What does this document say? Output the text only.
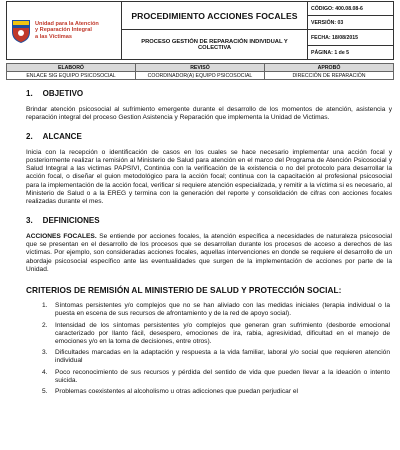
Unidad para la Atención
y Reparación Integral
a las Víctimas	PROCEDIMIENTO ACCIONES FOCALES	CÓDIGO: 400.08.08-6
		VERSIÓN: 03
	PROCESO GESTIÓN DE REPARACIÓN INDIVIDUAL Y COLECTIVA	FECHA: 18/08/2015
		PÁGINA: 1 de 5
ELABORÓ	REVISÓ	APROBÓ
ENLACE SIG EQUIPO PSICOSOCIAL	COORDINADOR(A) EQUIPO PSICOSOCIAL	DIRECCIÓN DE REPARACIÓN
1. OBJETIVO

Brindar atención psicosocial al sufrimiento emergente durante el desarrollo de los momentos de atención, asistencia y reparación integral del proceso Gestion Asistencia y Reparación que implementa la Unidad de Victimas.

2. ALCANCE

Inicia con la recepción o identificación de casos en los cuales se hace necesario implementar una acción focal y posteriormente realizar la remisión al Ministerio de Salud para atención en el marco del Programa de Atención Psicosocial y Salud Integral a las victimas PAPSIVI, Continúa con la verificación de la existencia o no del protocolo para desarrollar la acción focal, o diseñar el guion metodológico para la acción focal; continua con la capacitación al profesional psicosocial para la implementación de la acción focal, verificar si requiere atención especializada, y remitir a la víctima si es necesario, al Ministerio de Salud o a la EREG y termina con la generación del reporte y consolidación de cifras con acciones focales realizadas durante el mes.

3. DEFINICIONES

ACCIONES FOCALES. Se entiende por acciones focales, la atención específica a necesidades de naturaleza psicosocial que se presentan en el desarrollo de los procesos que se desarrollan durante los procesos de acceso a derechos de las víctimas. Por ejemplo, son consideradas acciones focales, aquellas intervenciones en donde se requiere el desarrollo de un abordaje psicosocial específico ante las eventualidades que surgen de la implementación de acciones por parte de la Unidad.

CRITERIOS DE REMISIÓN AL MINISTERIO DE SALUD Y PROTECCIÓN SOCIAL:
1.	Síntomas persistentes y/o complejos que no se han aliviado con las medidas iniciales (terapia individual o la puesta en escena de sus recursos de afrontamiento y de la red de apoyo social).
2.	Intensidad de los síntomas persistentes y/o complejos que generan gran sufrimiento (desborde emocional caracterizado por llanto fácil, desespero, emociones de ira, rabia, agresividad, dificultad en el manejo de emociones y/o en la toma de decisiones, entre otros).
3.	Dificultades marcadas en la adaptación y respuesta a la vida familiar, laboral y/o social que requieren atención individual
4.	Poco reconocimiento de sus recursos y pérdida del sentido de vida que pueden llevar a la ideación o intento suicida.
5.	Problemas coexistentes al alcoholismo u otras adicciones que puedan perjudicar el
